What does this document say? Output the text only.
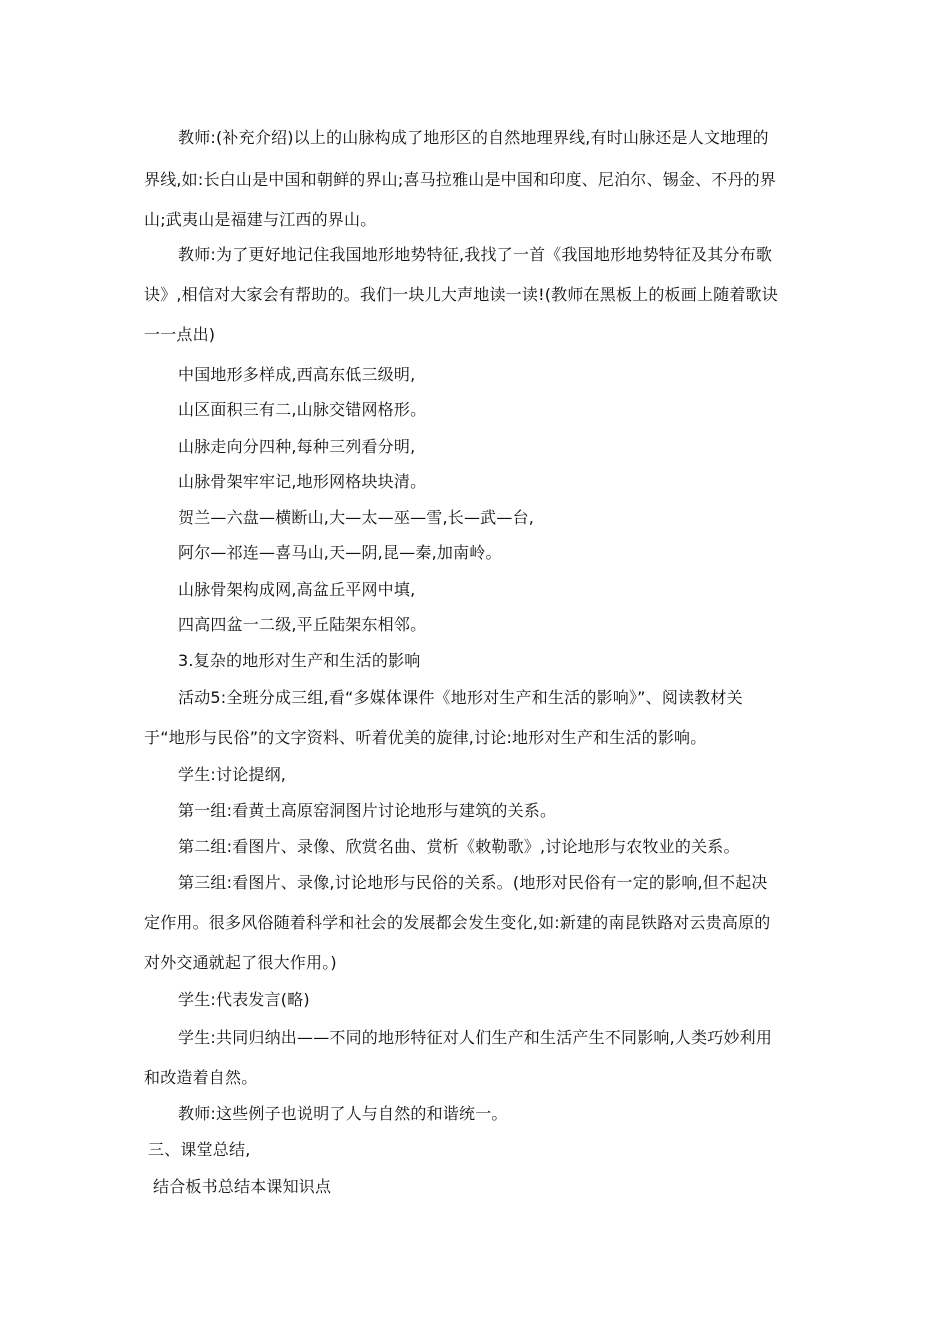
教师:(补充介绍)以上的山脉构成了地形区的自然地理界线,有时山脉还是人文地理的
界线,如:长白山是中国和朝鲜的界山;喜马拉雅山是中国和印度、尼泊尔、锡金、不丹的界
山;武夷山是福建与江西的界山。
教师:为了更好地记住我国地形地势特征,我找了一首《我国地形地势特征及其分布歌
诀》,相信对大家会有帮助的。我们一块儿大声地读一读!(教师在黑板上的板画上随着歌诀
一一点出)
中国地形多样成,西高东低三级明,
山区面积三有二,山脉交错网格形。
山脉走向分四种,每种三列看分明,
山脉骨架牢牢记,地形网格块块清。
贺兰—六盘—横断山,大—太—巫—雪,长—武—台,
阿尔—祁连—喜马山,天—阴,昆—秦,加南岭。
山脉骨架构成网,高盆丘平网中填,
四高四盆一二级,平丘陆架东相邻。
3.复杂的地形对生产和生活的影响
活动5:全班分成三组,看“多媒体课件《地形对生产和生活的影响》”、阅读教材关
于“地形与民俗”的文字资料、听着优美的旋律,讨论:地形对生产和生活的影响。
学生:讨论提纲,
第一组:看黄土高原窑洞图片讨论地形与建筑的关系。
第二组:看图片、录像、欣赏名曲、赏析《敕勒歌》,讨论地形与农牧业的关系。
第三组:看图片、录像,讨论地形与民俗的关系。(地形对民俗有一定的影响,但不起决
定作用。很多风俗随着科学和社会的发展都会发生变化,如:新建的南昆铁路对云贵高原的
对外交通就起了很大作用。)
学生:代表发言(略)
学生:共同归纳出——不同的地形特征对人们生产和生活产生不同影响,人类巧妙利用
和改造着自然。
教师:这些例子也说明了人与自然的和谐统一。
三、课堂总结,
结合板书总结本课知识点
